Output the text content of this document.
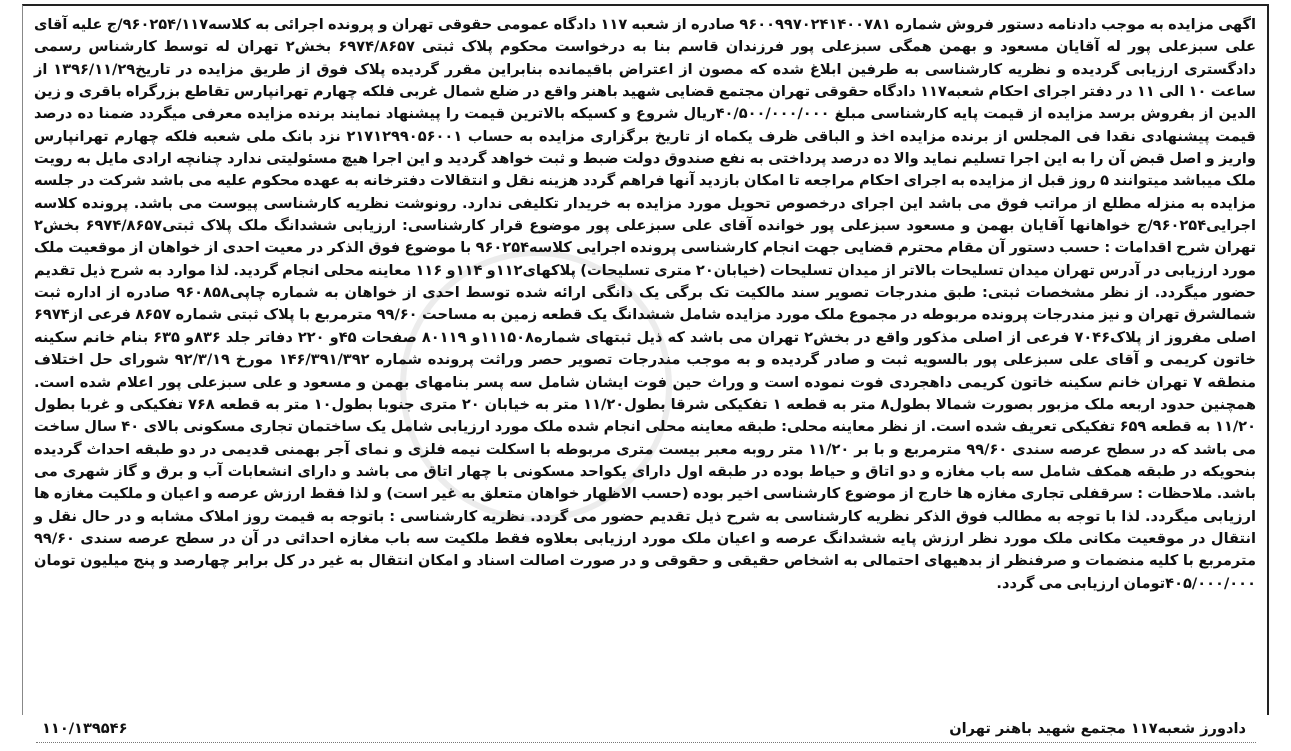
اگهی مزایده به موجب دادنامه دستور فروش شماره ۹۶۰۰۹۹۷۰۲۴۱۴۰۰۷۸۱ صادره از شعبه ۱۱۷ دادگاه عمومی حقوقی تهران و پرونده اجرائی به کلاسه۹۶۰۲۵۴/۱۱۷/ج علیه آقای علی سبزعلی پور له آقایان مسعود و بهمن همگی سبزعلی پور فرزندان قاسم بنا به درخواست محکوم پلاک ثبتی ۶۹۷۴/۸۶۵۷ بخش۲ تهران له توسط کارشناس رسمی دادگستری ارزیابی گردیده و نظریه کارشناسی به طرفین ابلاغ شده که مصون از اعتراض باقیمانده بنابراین مقرر گردیده پلاک فوق از طریق مزایده در تاریخ۱۳۹۶/۱۱/۲۹ از ساعت ۱۰ الی ۱۱ در دفتر اجرای احکام شعبه۱۱۷ دادگاه حقوقی تهران مجتمع قضایی شهید باهنر واقع در ضلع شمال غربی فلکه چهارم تهرانپارس تقاطع بزرگراه باقری و زین الدین از بفروش برسد مزایده از قیمت پایه کارشناسی مبلغ ۴۰/۵۰۰/۰۰۰/۰۰۰ریال شروع و کسیکه بالاترین قیمت را پیشنهاد نمایند برنده مزایده معرفی میگردد ضمنا ده درصد قیمت پیشنهادی نقدا فی المجلس از برنده مزایده اخذ و الباقی ظرف یکماه از تاریخ برگزاری مزایده به حساب ۲۱۷۱۲۹۹۰۵۶۰۰۱ نزد بانک ملی شعبه فلکه چهارم تهرانپارس واریز و اصل قبض آن را به این اجرا تسلیم نماید والا ده درصد پرداختی به نفع صندوق دولت ضبط و ثبت خواهد گردید و این اجرا هیچ مسئولیتی ندارد چنانچه ارادی مایل به رویت ملک میباشد میتوانند ۵ روز قبل از مزایده به اجرای احکام مراجعه تا امکان بازدید آنها فراهم گردد هزینه نقل و انتقالات دفترخانه به عهده محکوم علیه می باشد شرکت در جلسه مزایده به منزله مطلع از مراتب فوق می باشد این اجرای درخصوص تحویل مورد مزایده به خریدار تکلیفی ندارد. رونوشت نظریه کارشناسی پیوست می باشد. پرونده کلاسه اجرایی۹۶۰۲۵۴/ج خواهانها آقایان بهمن و مسعود سبزعلی پور خوانده آقای علی سبزعلی پور موضوع قرار کارشناسی: ارزیابی ششدانگ ملک پلاک ثبتی۶۹۷۴/۸۶۵۷ بخش۲ تهران شرح اقدامات : حسب دستور آن مقام محترم قضایی جهت انجام کارشناسی پرونده اجرایی کلاسه۹۶۰۲۵۴ با موضوع فوق الذکر در معیت احدی از خواهان از موقعیت ملک مورد ارزیابی در آدرس تهران میدان تسلیحات بالاتر از میدان تسلیحات (خیابان۲۰ متری تسلیحات) پلاکهای۱۱۲و ۱۱۴و ۱۱۶ معاینه محلی انجام گردید. لذا موارد به شرح ذیل تقدیم حضور میگردد. از نظر مشخصات ثبتی: طبق مندرجات تصویر سند مالکیت تک برگی یک دانگی ارائه شده توسط احدی از خواهان به شماره چاپی۹۶۰۸۵۸ صادره از اداره ثبت شمالشرق تهران و نیز مندرجات پرونده مربوطه در مجموع ملک مورد مزایده شامل ششدانگ یک قطعه زمین به مساحت ۹۹/۶۰ مترمربع با پلاک ثبتی شماره ۸۶۵۷ فرعی از۶۹۷۴ اصلی مفروز از پلاک۷۰۴۶ فرعی از اصلی مذکور واقع در بخش۲ تهران می باشد که ذیل ثبتهای شماره۱۱۱۵۰۸و ۸۰۱۱۹ صفحات ۴۵و ۲۲۰ دفاتر جلد ۸۳۶و ۶۳۵ بنام خانم سکینه خاتون کریمی و آقای علی سبزعلی پور بالسویه ثبت و صادر گردیده و به موجب مندرجات تصویر حصر وراثت پرونده شماره ۱۴۶/۳۹۱/۳۹۲ مورخ ۹۲/۳/۱۹ شورای حل اختلاف منطقه ۷ تهران خانم سکینه خاتون کریمی داهجردی فوت نموده است و وراث حین فوت ایشان شامل سه پسر بنامهای بهمن و مسعود و علی سبزعلی پور اعلام شده است. همچنین حدود اربعه ملک مزبور بصورت شمالا بطول۸ متر به قطعه ۱ تفکیکی شرقا بطول۱۱/۲۰ متر به خیابان ۲۰ متری جنوبا بطول۱۰ متر به قطعه ۷۶۸ تفکیکی و غربا بطول ۱۱/۲۰ به قطعه ۶۵۹ تفکیکی تعریف شده است. از نظر معاینه محلی: طبقه معاینه محلی انجام شده ملک مورد ارزیابی شامل یک ساختمان تجاری مسکونی بالای ۴۰ سال ساخت می باشد که در سطح عرصه سندی ۹۹/۶۰ مترمربع و با بر ۱۱/۲۰ متر روبه معبر بیست متری مربوطه با اسکلت نیمه فلزی و نمای آجر بهمنی قدیمی در دو طبقه احداث گردیده بنحویکه در طبقه همکف شامل سه باب مغازه و دو اتاق و حیاط بوده در طبقه اول دارای یکواحد مسکونی با چهار اتاق می باشد و دارای انشعابات آب و برق و گاز شهری می باشد. ملاحظات : سرقفلی تجاری مغازه ها خارج از موضوع کارشناسی اخیر بوده (حسب الاظهار خواهان متعلق به غیر است) و لذا فقط ارزش عرصه و اعیان و ملکیت مغازه ها ارزیابی میگردد. لذا با توجه به مطالب فوق الذکر نظریه کارشناسی به شرح ذیل تقدیم حضور می گردد. نظریه کارشناسی : باتوجه به قیمت روز املاک مشابه و در حال نقل و انتقال در موقعیت مکانی ملک مورد نظر ارزش پایه ششدانگ عرصه و اعیان ملک مورد ارزیابی بعلاوه فقط ملکیت سه باب مغازه احداثی در آن در سطح عرصه سندی ۹۹/۶۰ مترمربع با کلیه منضمات و صرفنظر از بدهیهای احتمالی به اشخاص حقیقی و حقوقی و در صورت اصالت اسناد و امکان انتقال به غیر در کل برابر چهارصد و پنج میلیون تومان ۴۰۵/۰۰۰/۰۰۰تومان ارزیابی می گردد.

دادورز شعبه۱۱۷ مجتمع شهید باهنر تهران
۱۱۰/۱۳۹۵۴۶
